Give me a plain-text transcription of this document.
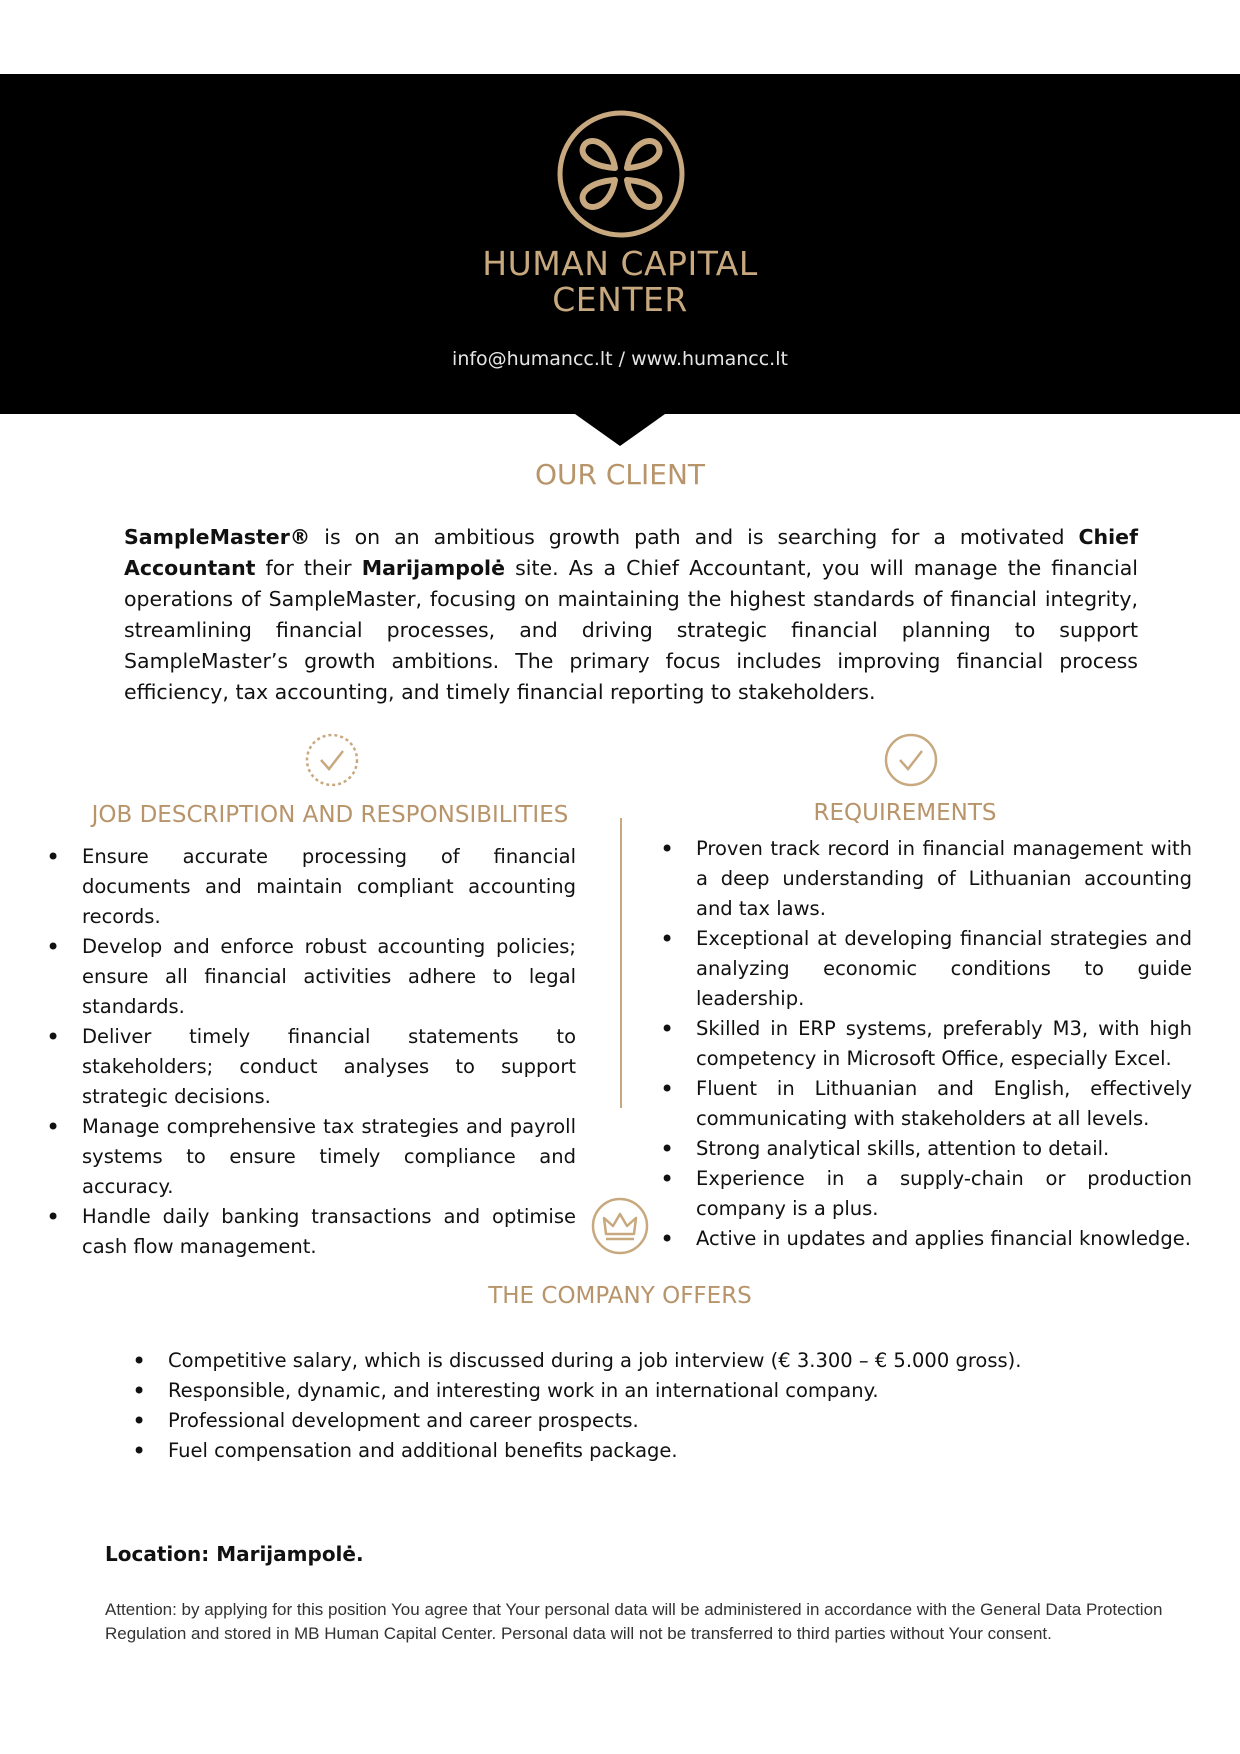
HUMAN CAPITAL
CENTER
info@humancc.lt / www.humancc.lt
OUR CLIENT

SampleMaster® is on an ambitious growth path and is searching for a motivated Chief Accountant for their Marijampolė site. As a Chief Accountant, you will manage the financial operations of SampleMaster, focusing on maintaining the highest standards of financial integrity, streamlining financial processes, and driving strategic financial planning to support SampleMaster’s growth ambitions. The primary focus includes improving financial process efficiency, tax accounting, and timely financial reporting to stakeholders.

JOB DESCRIPTION AND RESPONSIBILITIES
• Ensure accurate processing of financial documents and maintain compliant accounting records.
• Develop and enforce robust accounting policies; ensure all financial activities adhere to legal standards.
• Deliver timely financial statements to stakeholders; conduct analyses to support strategic decisions.
• Manage comprehensive tax strategies and payroll systems to ensure timely compliance and accuracy.
• Handle daily banking transactions and optimise cash flow management.
REQUIREMENTS
• Proven track record in financial management with a deep understanding of Lithuanian accounting and tax laws.
• Exceptional at developing financial strategies and analyzing economic conditions to guide leadership.
• Skilled in ERP systems, preferably M3, with high competency in Microsoft Office, especially Excel.
• Fluent in Lithuanian and English, effectively communicating with stakeholders at all levels.
• Strong analytical skills, attention to detail.
• Experience in a supply-chain or production company is a plus.
• Active in updates and applies financial knowledge.
THE COMPANY OFFERS
• Competitive salary, which is discussed during a job interview (€ 3.300 – € 5.000 gross).
• Responsible, dynamic, and interesting work in an international company.
• Professional development and career prospects.
• Fuel compensation and additional benefits package.
Location: Marijampolė.

Attention: by applying for this position You agree that Your personal data will be administered in accordance with the General Data Protection Regulation and stored in MB Human Capital Center. Personal data will not be transferred to third parties without Your consent.
